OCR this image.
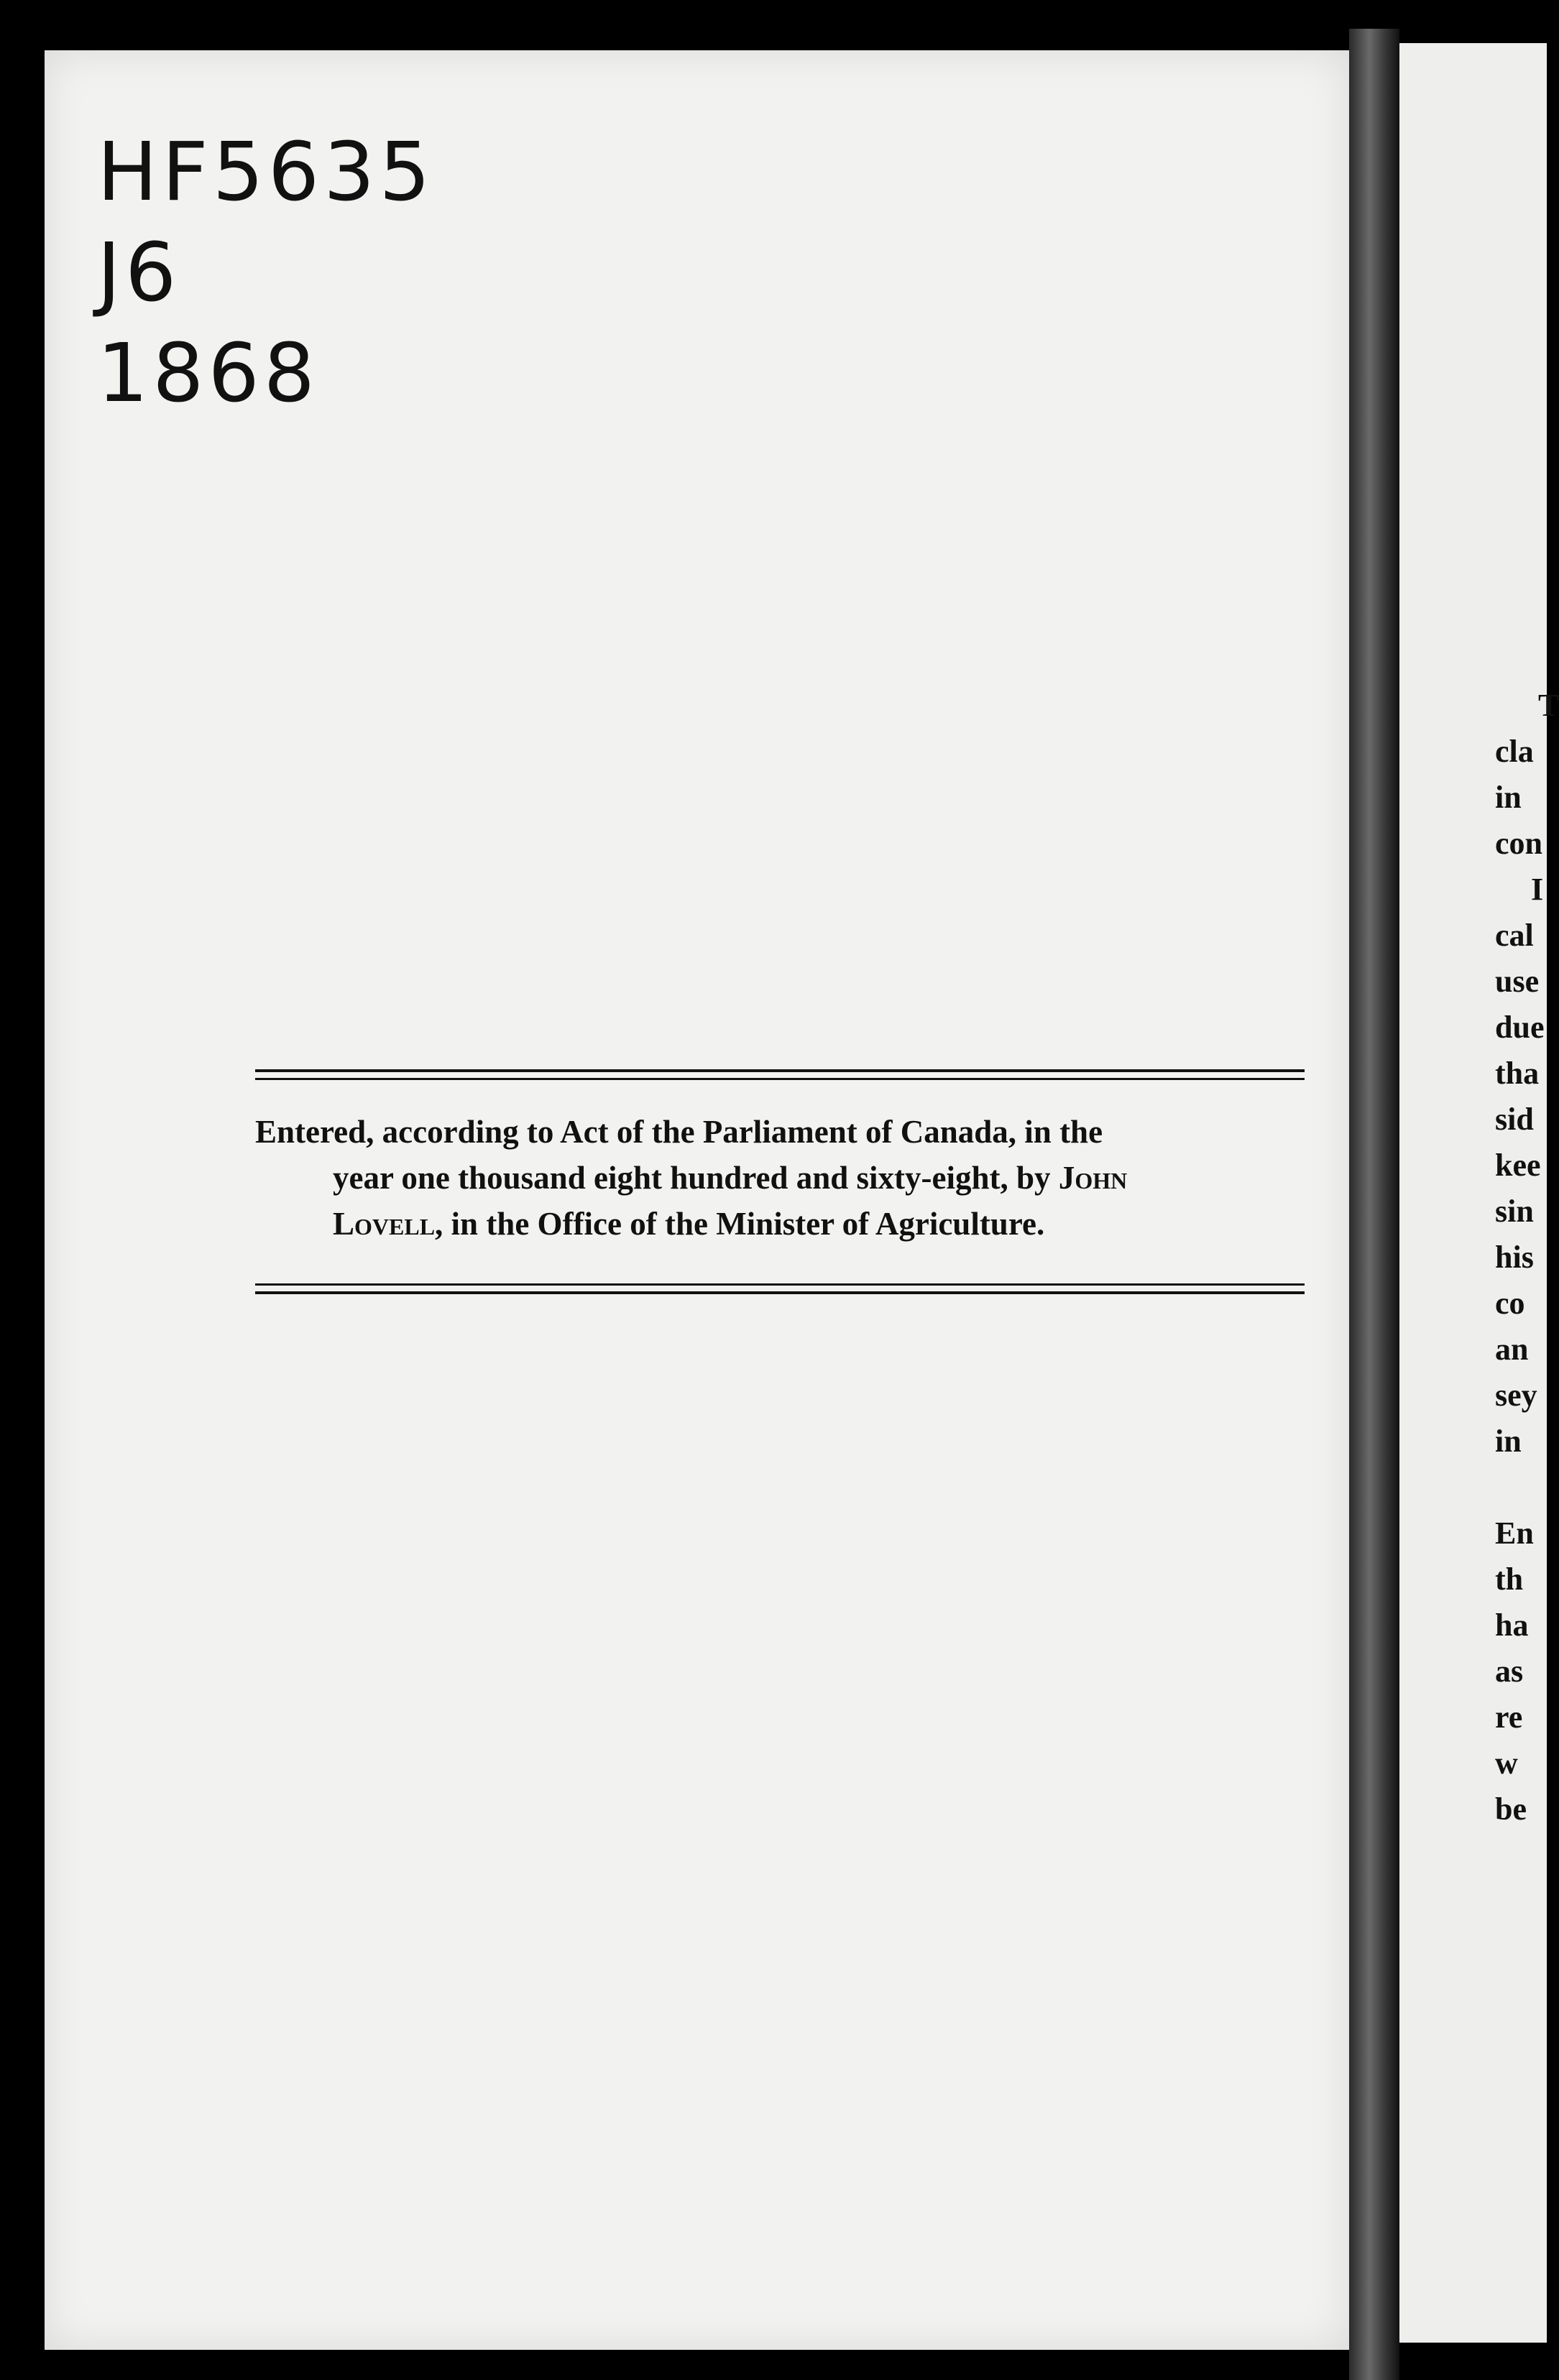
HF5635
J6
1868
Entered, according to Act of the Parliament of Canada, in the
year one thousand eight hundred and sixty-eight, by John
Lovell, in the Office of the Minister of Agriculture.
T
cla
in
con
I
cal
use
due
tha
sid
kee
sin
his
co
an
sey
in

En
th
ha
as
re
w
be
